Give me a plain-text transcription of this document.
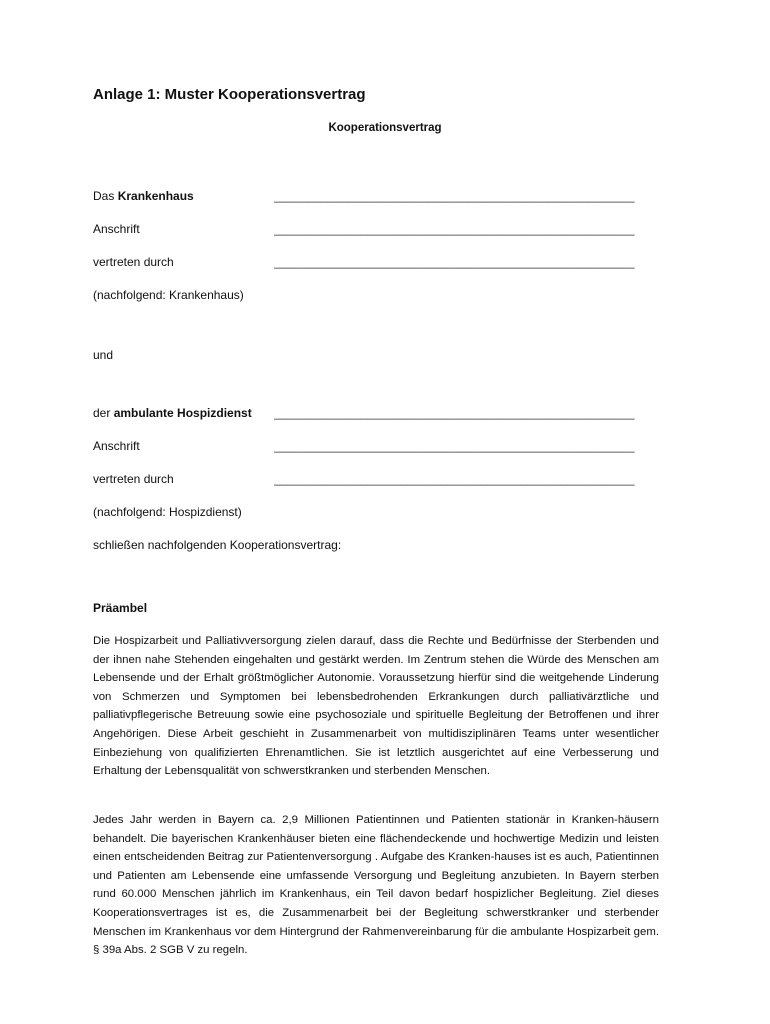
Anlage 1: Muster Kooperationsvertrag
Kooperationsvertrag
Das Krankenhaus	______________________________________________________
Anschrift	______________________________________________________
vertreten durch	______________________________________________________

(nachfolgend: Krankenhaus)

und

der ambulante Hospizdienst ______________________________________________________
Anschrift	______________________________________________________
vertreten durch	______________________________________________________

(nachfolgend: Hospizdienst)

schließen nachfolgenden Kooperationsvertrag:

Präambel

Die Hospizarbeit und Palliativversorgung zielen darauf, dass die Rechte und Bedürfnisse der Sterbenden und der ihnen nahe Stehenden eingehalten und gestärkt werden. Im Zentrum stehen die Würde des Menschen am Lebensende und der Erhalt größtmöglicher Autonomie. Voraussetzung hierfür sind die weitgehende Linderung von Schmerzen und Symptomen bei lebensbedrohenden Erkrankungen durch palliativärztliche und palliativpflegerische Betreuung sowie eine psychosoziale und spirituelle Begleitung der Betroffenen und ihrer Angehörigen. Diese Arbeit geschieht in Zusammenarbeit von multidisziplinären Teams unter wesentlicher Einbeziehung von qualifizierten Ehrenamtlichen. Sie ist letztlich ausgerichtet auf eine Verbesserung und Erhaltung der Lebensqualität von schwerstkranken und sterbenden Menschen.

Jedes Jahr werden in Bayern ca. 2,9 Millionen Patientinnen und Patienten stationär in Kranken-häusern behandelt. Die bayerischen Krankenhäuser bieten eine flächendeckende und hochwertige Medizin und leisten einen entscheidenden Beitrag zur Patientenversorgung . Aufgabe des Kranken-hauses ist es auch, Patientinnen und Patienten am Lebensende eine umfassende Versorgung und Begleitung anzubieten. In Bayern sterben rund 60.000 Menschen jährlich im Krankenhaus, ein Teil davon bedarf hospizlicher Begleitung. Ziel dieses Kooperationsvertrages ist es, die Zusammenarbeit bei der Begleitung schwerstkranker und sterbender Menschen im Krankenhaus vor dem Hintergrund der Rahmenvereinbarung für die ambulante Hospizarbeit gem. § 39a Abs. 2 SGB V zu regeln.
